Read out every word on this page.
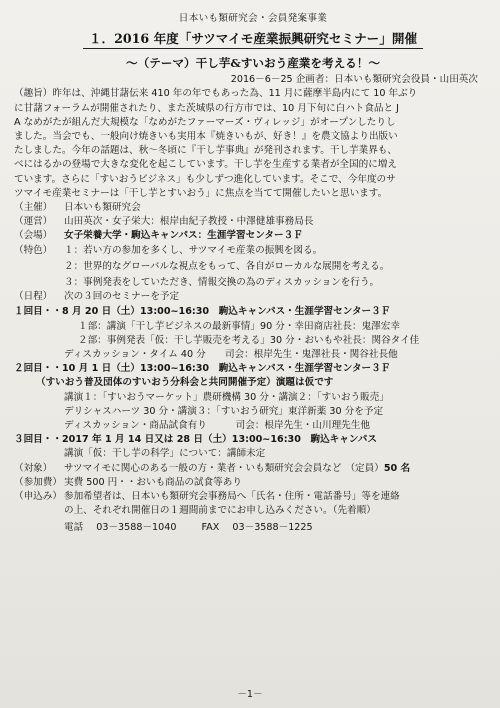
日本いも類研究会・会員発案事業
１．2016 年度「サツマイモ産業振興研究セミナー」開催
～（テーマ）干し芋&すいおう産業を考える！～
2016－6－25 企画者：日本いも類研究会役員・山田英次
（趣旨）昨年は、沖縄甘藷伝来 410 年の年でもあった為、11 月に薩摩半島内にて 10 年ぶり
に甘藷フォーラムが開催されたり、また茨城県の行方市では、10 月下旬に白ハト食品と J
A なめがたが組んだ大規模な「なめがたファーマーズ・ヴィレッジ」がオープンしたりし
ました。当会でも、一般向け焼きいも実用本『焼きいもが、好き！』を農文協より出版い
たしました。今年の話題は、秋～冬頃に『干し芋事典』が発刊されます。干し芋業界も、
べにはるかの登場で大きな変化を起こしています。干し芋を生産する業者が全国的に増え
ています。さらに「すいおうビジネス」も少しずつ進化しています。そこで、今年度のサ
ツマイモ産業セミナーは「干し芋とすいおう」に焦点を当てて開催したいと思います。
（主催）	日本いも類研究会
（運営）	山田英次・女子栄大：根岸由紀子教授・中澤健雄事務局長
（会場）	女子栄養大学・駒込キャンパス：生涯学習センター３Ｆ
（特色）	１：若い方の参加を多くし、サツマイモ産業の振興を図る。
２：世界的なグローバルな視点をもって、各自がローカルな展開を考える。
３：事例発表をしていただき、情報交換の為のディスカッションを行う。
（日程）	次の３回のセミナーを予定
１回目・・8 月 20 日（土）13:00~16:30　駒込キャンパス・生涯学習センター３Ｆ
１部：講演「干し芋ビジネスの最新事情」90 分・幸田商店社長：鬼澤宏幸
２部：事例発表「仮：干し芋販売を考える」30 分・おいもや社長：関谷タイ佳
ディスカッション・タイム 40 分　　司会：根岸先生・鬼澤社長・関谷社長他
２回目・・10 月 1 日（土）13:00~16:30　駒込キャンパス・生涯学習センター３Ｆ
（すいおう普及団体のすいおう分科会と共同開催予定）演題は仮です
講演１：「すいおうマーケット」農研機構 30 分・講演２：「すいおう販売」
デリシャスハーツ 30 分・講演３：「すいおう研究」東洋新薬 30 分を予定
ディスカッション・商品試食有り　　　司会：根岸先生・山川理先生他
３回目・・2017 年 1 月 14 日又は 28 日（土）13:00~16:30　駒込キャンパス
講演「仮：干し芋の科学」について：講師未定
（対象）	サツマイモに関心のある一般の方・業者・いも類研究会会員など （定員） 50 名
（参加費） 実費 500 円・・おいも商品の試食等あり
（申込み） 参加希望者は、日本いも類研究会事務局へ「氏名・住所・電話番号」等を連絡
の上、それぞれ開催日の１週間前までにお申し込みください。（先着順）
電話 03－3588－1040	FAX 03－3588－1225
－1－
